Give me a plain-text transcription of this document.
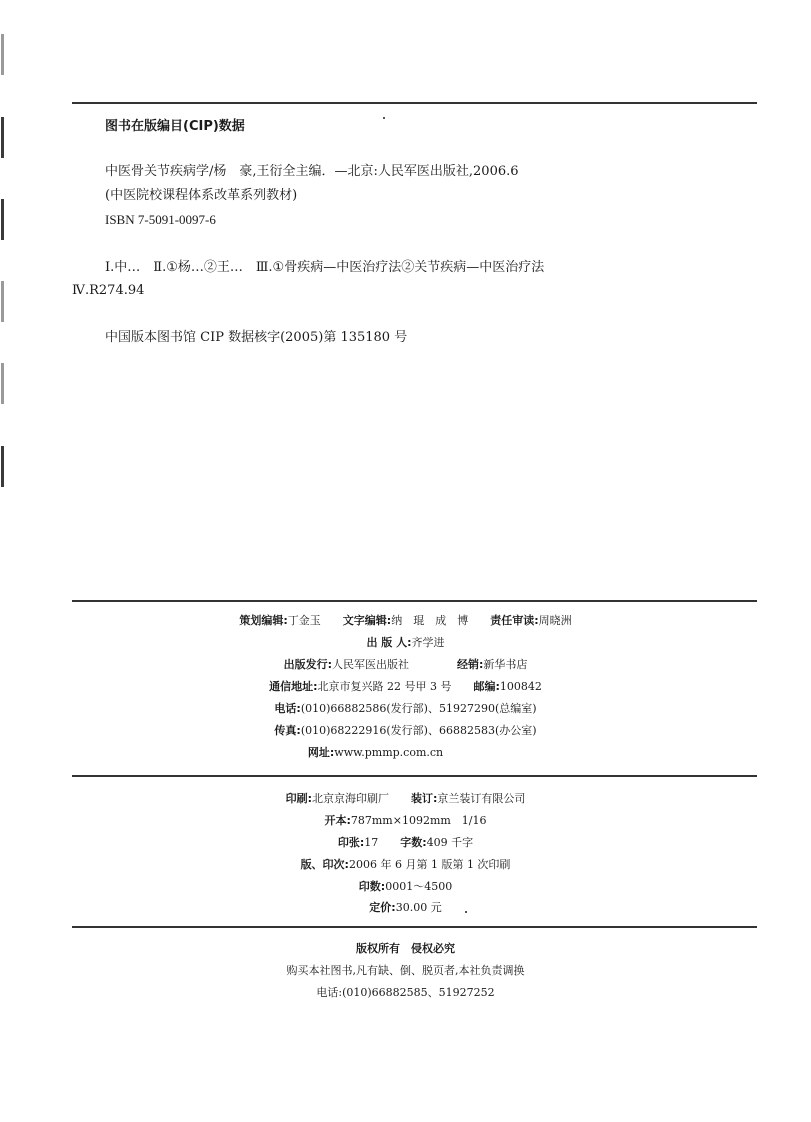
图书在版编目(CIP)数据
中医骨关节疾病学/杨　豪,王衍全主编．—北京:人民军医出版社,2006.6
(中医院校课程体系改革系列教材)
ISBN 7-5091-0097-6
Ⅰ.中…　Ⅱ.①杨…②王…　Ⅲ.①骨疾病—中医治疗法②关节疾病—中医治疗法
Ⅳ.R274.94
中国版本图书馆 CIP 数据核字(2005)第 135180 号
策划编辑:丁金玉 文字编辑:纳　琨　成　博 责任审读:周晓洲
出 版 人:齐学进
出版发行:人民军医出版社	经销:新华书店
通信地址:北京市复兴路 22 号甲 3 号 邮编:100842
电话:(010)66882586(发行部)、51927290(总编室)
传真:(010)68222916(发行部)、66882583(办公室)
网址:www.pmmp.com.cn
印刷:北京京海印刷厂 装订:京兰装订有限公司
开本:787mm×1092mm　1/16
印张:17 字数:409 千字
版、印次:2006 年 6 月第 1 版第 1 次印刷
印数:0001～4500
定价:30.00 元
版权所有　侵权必究
购买本社图书,凡有缺、倒、脱页者,本社负责调换
电话:(010)66882585、51927252
